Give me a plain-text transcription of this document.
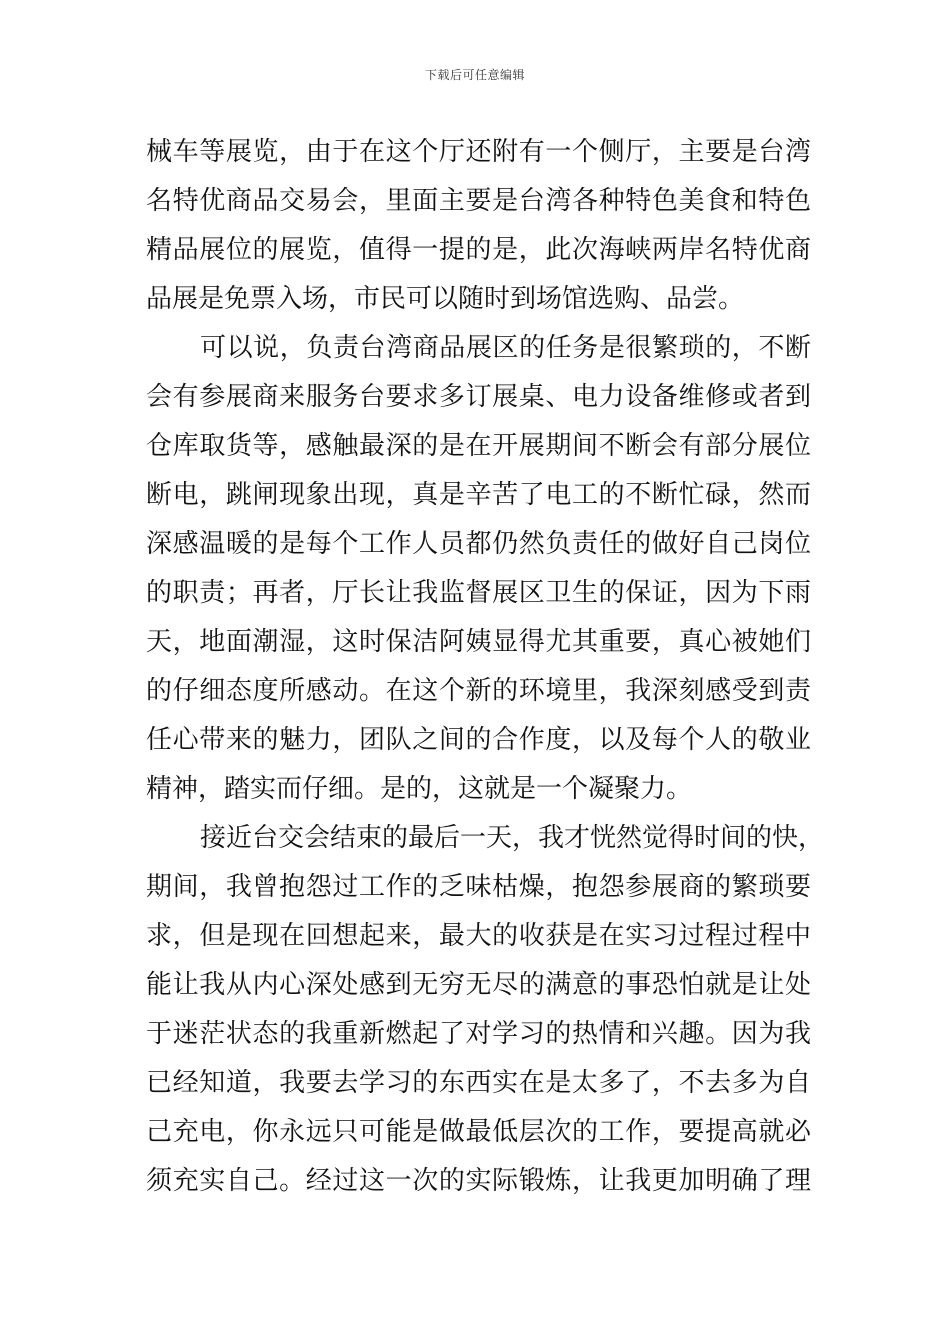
下载后可任意编辑
械车等展览，由于在这个厅还附有一个侧厅，主要是台湾
名特优商品交易会，里面主要是台湾各种特色美食和特色
精品展位的展览，值得一提的是，此次海峡两岸名特优商
品展是免票入场，市民可以随时到场馆选购、品尝。
可以说，负责台湾商品展区的任务是很繁琐的，不断
会有参展商来服务台要求多订展桌、电力设备维修或者到
仓库取货等，感触最深的是在开展期间不断会有部分展位
断电，跳闸现象出现，真是辛苦了电工的不断忙碌，然而
深感温暖的是每个工作人员都仍然负责任的做好自己岗位
的职责；再者，厅长让我监督展区卫生的保证，因为下雨
天，地面潮湿，这时保洁阿姨显得尤其重要，真心被她们
的仔细态度所感动。在这个新的环境里，我深刻感受到责
任心带来的魅力，团队之间的合作度，以及每个人的敬业
精神，踏实而仔细。是的，这就是一个凝聚力。
接近台交会结束的最后一天，我才恍然觉得时间的快，
期间，我曾抱怨过工作的乏味枯燥，抱怨参展商的繁琐要
求，但是现在回想起来，最大的收获是在实习过程过程中
能让我从内心深处感到无穷无尽的满意的事恐怕就是让处
于迷茫状态的我重新燃起了对学习的热情和兴趣。因为我
已经知道，我要去学习的东西实在是太多了，不去多为自
己充电，你永远只可能是做最低层次的工作，要提高就必
须充实自己。经过这一次的实际锻炼，让我更加明确了理
